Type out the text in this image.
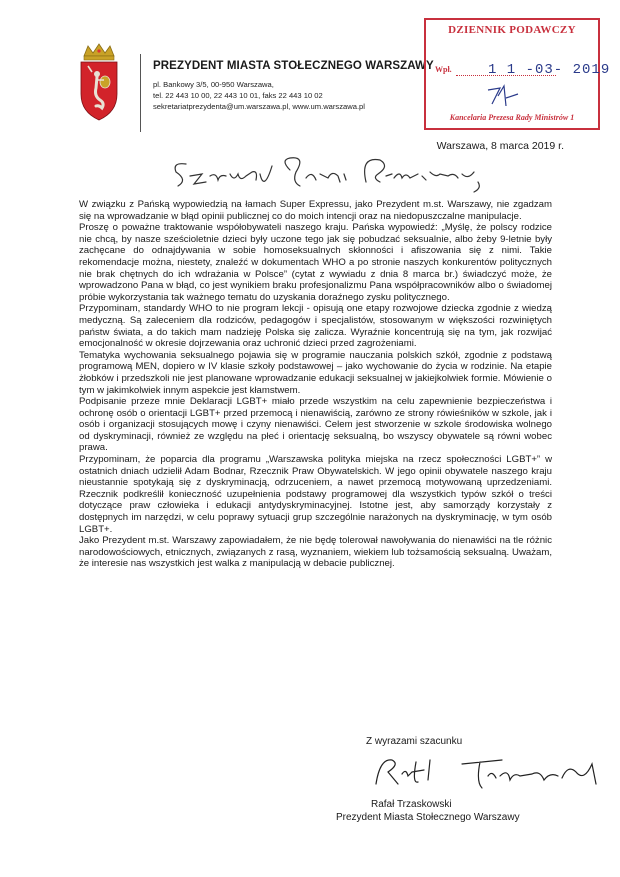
PREZYDENT MIASTA STOŁECZNEGO WARSZAWY
pl. Bankowy 3/5, 00-950 Warszawa,
tel. 22 443 10 00, 22 443 10 01, faks 22 443 10 02
sekretariatprezydenta@um.warszawa.pl, www.um.warszawa.pl
DZIENNIK PODAWCZY
Wpł.	1 1 -03- 2019
Kancelaria Prezesa Rady Ministrów 1
Warszawa, 8 marca 2019 r.

W związku z Pańską wypowiedzią na łamach Super Expressu, jako Prezydent m.st. Warszawy, nie zgadzam się na wprowadzanie w błąd opinii publicznej co do moich intencji oraz na niedopuszczalne manipulacje.

Proszę o poważne traktowanie współobywateli naszego kraju. Pańska wypowiedź: „Myślę, że polscy rodzice nie chcą, by nasze sześcioletnie dzieci były uczone tego jak się pobudzać seksualnie, albo żeby 9-letnie były zachęcane do odnajdywania w sobie homoseksualnych skłonności i afiszowania się z nimi. Takie rekomendacje można, niestety, znaleźć w dokumentach WHO a po stronie naszych konkurentów politycznych nie brak chętnych do ich wdrażania w Polsce” (cytat z wywiadu z dnia 8 marca br.) świadczyć może, że wprowadzono Pana w błąd, co jest wynikiem braku profesjonalizmu Pana współpracowników albo o świadomej próbie wykorzystania tak ważnego tematu do uzyskania doraźnego zysku politycznego.

Przypominam, standardy WHO to nie program lekcji - opisują one etapy rozwojowe dziecka zgodnie z wiedzą medyczną. Są zaleceniem dla rodziców, pedagogów i specjalistów, stosowanym w większości rozwiniętych państw świata, a do takich mam nadzieję Polska się zalicza. Wyraźnie koncentrują się na tym, jak rozwijać emocjonalność w okresie dojrzewania oraz uchronić dzieci przed zagrożeniami.

Tematyka wychowania seksualnego pojawia się w programie nauczania polskich szkół, zgodnie z podstawą programową MEN, dopiero w IV klasie szkoły podstawowej – jako wychowanie do życia w rodzinie. Na etapie żłobków i przedszkoli nie jest planowane wprowadzanie edukacji seksualnej w jakiejkolwiek formie. Mówienie o tym w jakimkolwiek innym aspekcie jest kłamstwem.

Podpisanie przeze mnie Deklaracji LGBT+ miało przede wszystkim na celu zapewnienie bezpieczeństwa i ochronę osób o orientacji LGBT+ przed przemocą i nienawiścią, zarówno ze strony rówieśników w szkole, jak i osób i organizacji stosujących mowę i czyny nienawiści. Celem jest stworzenie w szkole środowiska wolnego od dyskryminacji, również ze względu na płeć i orientację seksualną, bo wszyscy obywatele są równi wobec prawa.

Przypominam, że poparcia dla programu „Warszawska polityka miejska na rzecz społeczności LGBT+” w ostatnich dniach udzielił Adam Bodnar, Rzecznik Praw Obywatelskich. W jego opinii obywatele naszego kraju nieustannie spotykają się z dyskryminacją, odrzuceniem, a nawet przemocą motywowaną uprzedzeniami. Rzecznik podkreślił konieczność uzupełnienia podstawy programowej dla wszystkich typów szkół o treści dotyczące praw człowieka i edukacji antydyskryminacyjnej. Istotne jest, aby samorządy korzystały z dostępnych im narzędzi, w celu poprawy sytuacji grup szczególnie narażonych na dyskryminację, w tym osób LGBT+.

Jako Prezydent m.st. Warszawy zapowiadałem, że nie będę tolerował nawoływania do nienawiści na tle różnic narodowościowych, etnicznych, związanych z rasą, wyznaniem, wiekiem lub tożsamością seksualną. Uważam, że interesie nas wszystkich jest walka z manipulacją w debacie publicznej.

Z wyrazami szacunku
Rafał Trzaskowski
Prezydent Miasta Stołecznego Warszawy
